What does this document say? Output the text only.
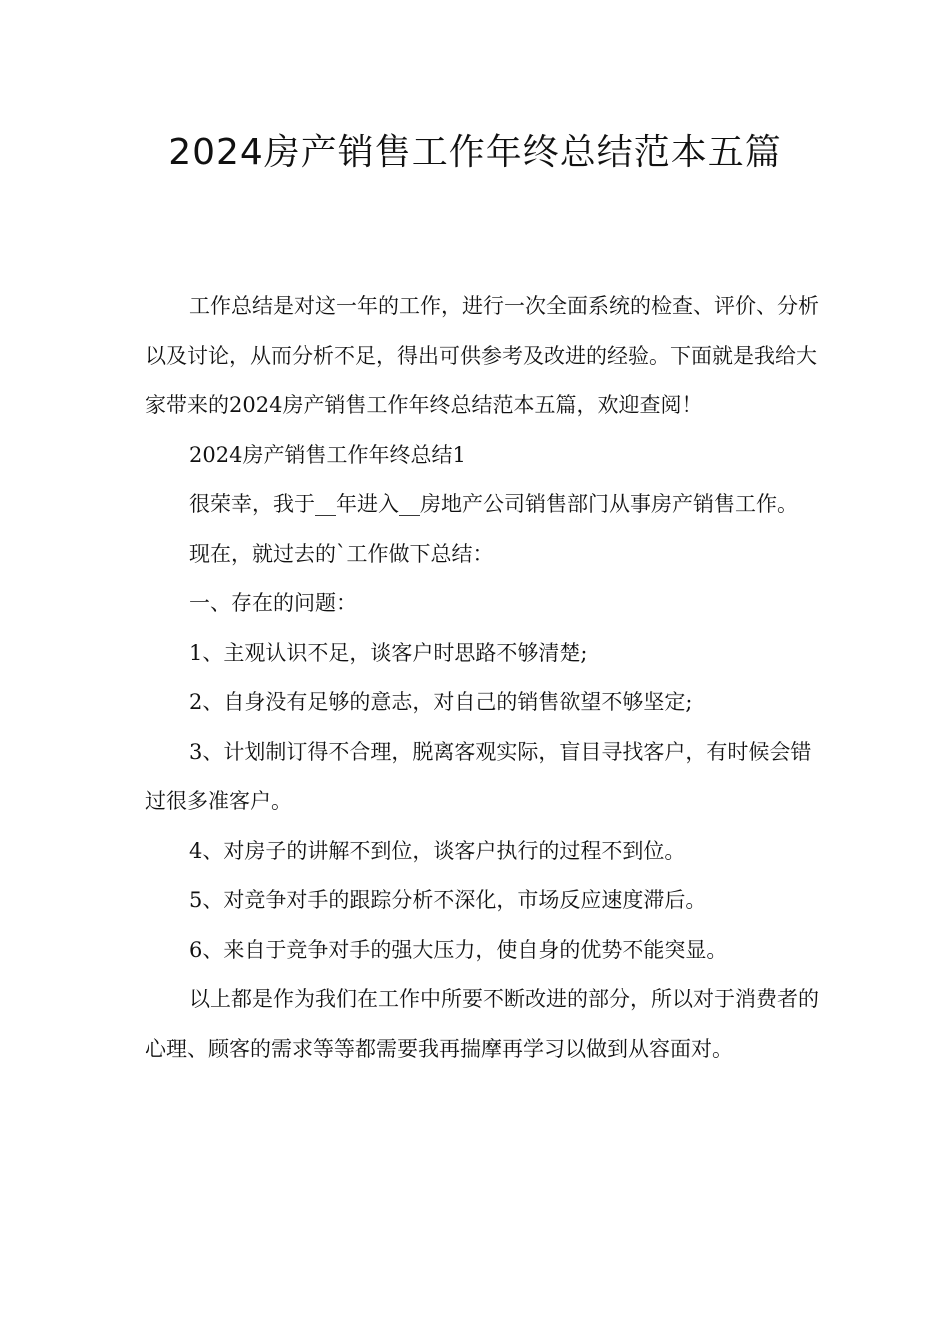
2024房产销售工作年终总结范本五篇

工作总结是对这一年的工作，进行一次全面系统的检查、评价、分析以及讨论，从而分析不足，得出可供参考及改进的经验。下面就是我给大家带来的2024房产销售工作年终总结范本五篇，欢迎查阅！

2024房产销售工作年终总结1

很荣幸，我于__年进入__房地产公司销售部门从事房产销售工作。

现在，就过去的`工作做下总结：

一、存在的问题：

1、主观认识不足，谈客户时思路不够清楚;

2、自身没有足够的意志，对自己的销售欲望不够坚定;

3、计划制订得不合理，脱离客观实际，盲目寻找客户，有时候会错过很多准客户。

4、对房子的讲解不到位，谈客户执行的过程不到位。

5、对竞争对手的跟踪分析不深化，市场反应速度滞后。

6、来自于竞争对手的强大压力，使自身的优势不能突显。

以上都是作为我们在工作中所要不断改进的部分，所以对于消费者的心理、顾客的需求等等都需要我再揣摩再学习以做到从容面对。
